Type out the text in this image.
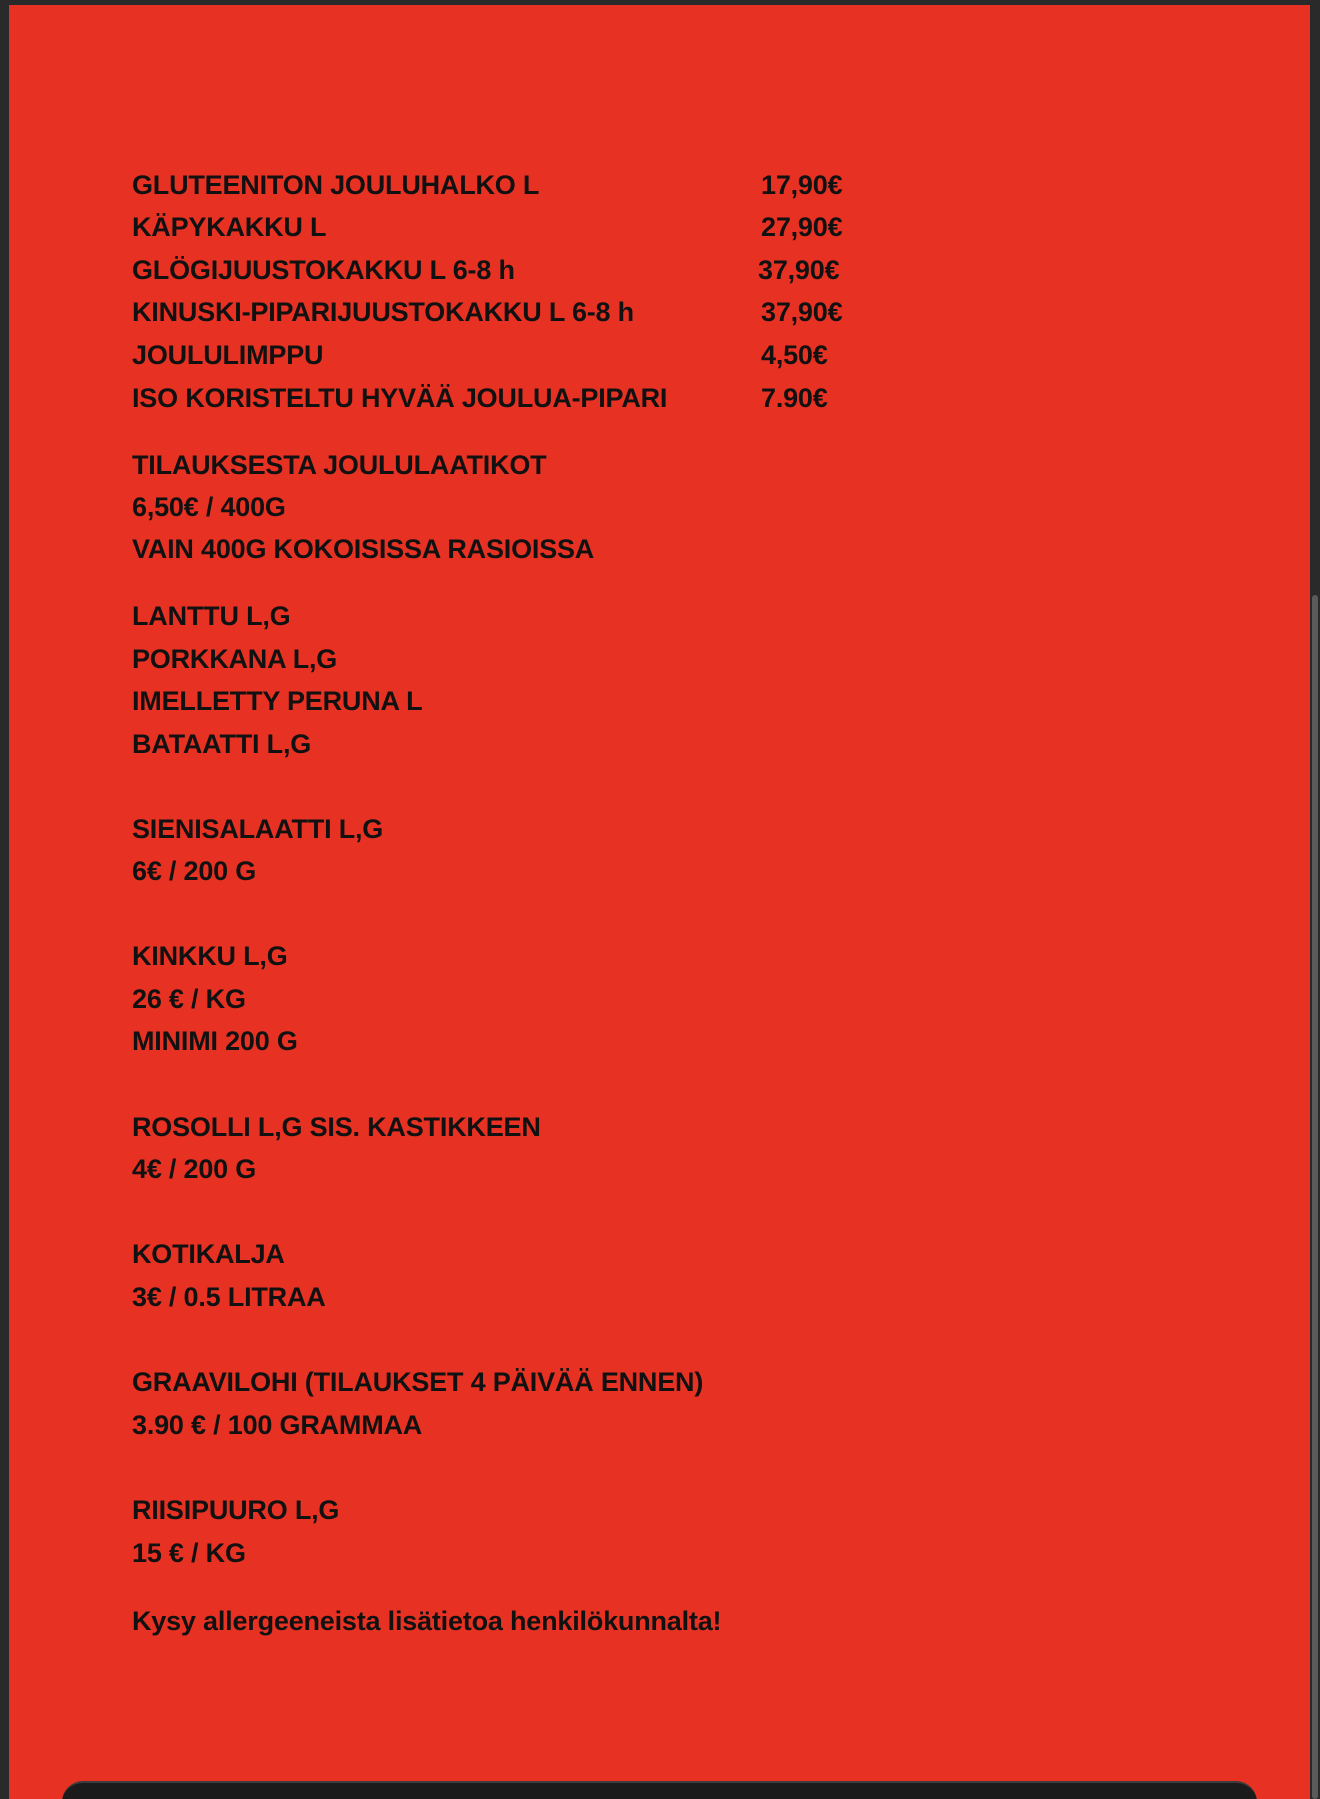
GLUTEENITON JOULUHALKO L	17,90€
KÄPYKAKKU L	27,90€
GLÖGIJUUSTOKAKKU L 6-8 h	37,90€
KINUSKI-PIPARIJUUSTOKAKKU L 6-8 h	37,90€
JOULULIMPPU	4,50€
ISO KORISTELTU HYVÄÄ JOULUA-PIPARI	7.90€
TILAUKSESTA JOULULAATIKOT
6,50€ / 400G
VAIN 400G KOKOISISSA RASIOISSA
LANTTU L,G
PORKKANA L,G
IMELLETTY PERUNA L
BATAATTI L,G
SIENISALAATTI L,G
6€ / 200 G
KINKKU L,G
26 € / KG
MINIMI 200 G
ROSOLLI L,G SIS. KASTIKKEEN
4€ / 200 G
KOTIKALJA
3€ / 0.5 LITRAA
GRAAVILOHI (TILAUKSET 4 PÄIVÄÄ ENNEN)
3.90 € / 100 GRAMMAA
RIISIPUURO L,G
15 € / KG
Kysy allergeeneista lisätietoa henkilökunnalta!
